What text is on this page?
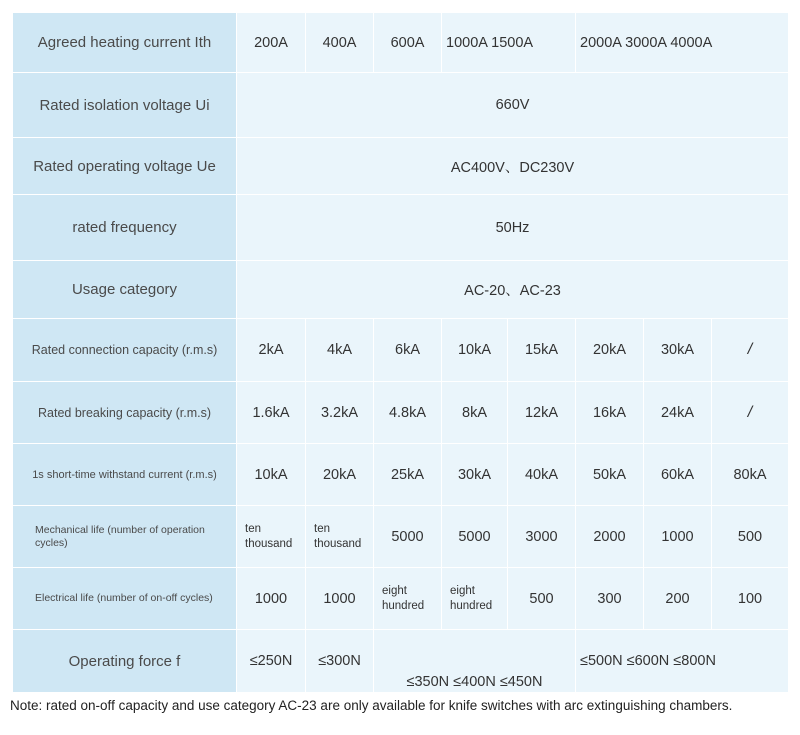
Agreed heating current Ith	200A	400A	600A	1000A 1500A		2000A 3000A 4000A		
Rated isolation voltage Ui	660V							
Rated operating voltage Ue	AC400V、DC230V							
rated frequency	50Hz							
Usage category	AC-20、AC-23							
Rated connection capacity (r.m.s)	2kA	4kA	6kA	10kA	15kA	20kA	30kA	/
Rated breaking capacity (r.m.s)	1.6kA	3.2kA	4.8kA	8kA	12kA	16kA	24kA	/
1s short-time withstand current (r.m.s)	10kA	20kA	25kA	30kA	40kA	50kA	60kA	80kA
Mechanical life (number of operation cycles)	ten thousand	ten thousand	5000	5000	3000	2000	1000	500
Electrical life (number of on-off cycles)	1000	1000	eight hundred	eight hundred	500	300	200	100
Operating force f	≤250N	≤300N	≤350N ≤400N ≤450N			≤500N ≤600N ≤800N		
Note: rated on-off capacity and use category AC-23 are only available for knife switches with arc extinguishing chambers.
